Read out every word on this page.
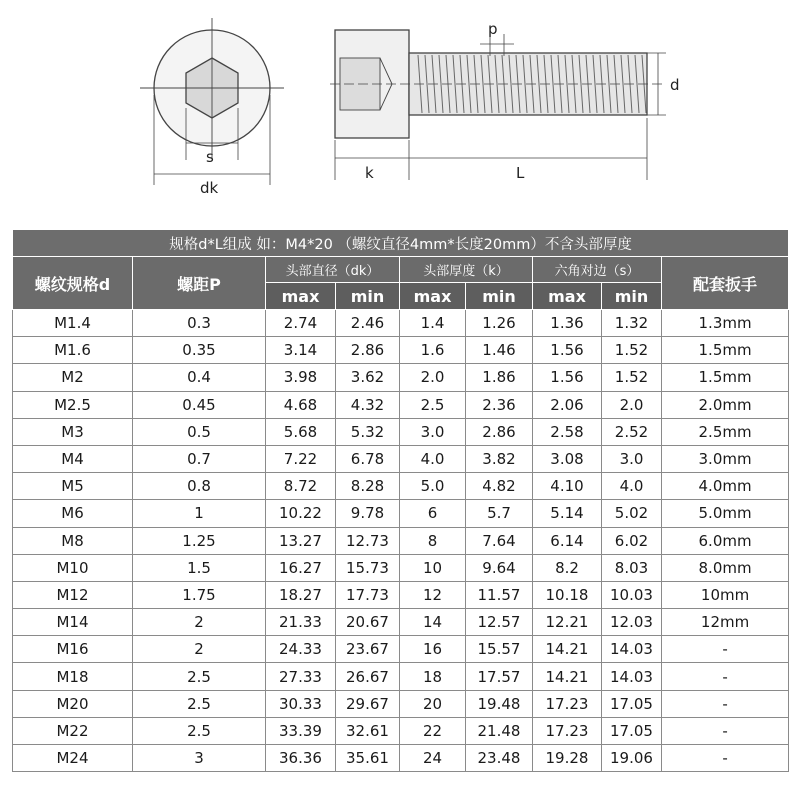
s
dk
p
d
k	L
规格d*L组成 如：M4*20 （螺纹直径4mm*长度20mm）不含头部厚度								
螺纹规格d	螺距P	头部直径（dk）		头部厚度（k）		六角对边（s）		配套扳手
		max	min	max	min	max	min	
M1.4	0.3	2.74	2.46	1.4	1.26	1.36	1.32	1.3mm
M1.6	0.35	3.14	2.86	1.6	1.46	1.56	1.52	1.5mm
M2	0.4	3.98	3.62	2.0	1.86	1.56	1.52	1.5mm
M2.5	0.45	4.68	4.32	2.5	2.36	2.06	2.0	2.0mm
M3	0.5	5.68	5.32	3.0	2.86	2.58	2.52	2.5mm
M4	0.7	7.22	6.78	4.0	3.82	3.08	3.0	3.0mm
M5	0.8	8.72	8.28	5.0	4.82	4.10	4.0	4.0mm
M6	1	10.22	9.78	6	5.7	5.14	5.02	5.0mm
M8	1.25	13.27	12.73	8	7.64	6.14	6.02	6.0mm
M10	1.5	16.27	15.73	10	9.64	8.2	8.03	8.0mm
M12	1.75	18.27	17.73	12	11.57	10.18	10.03	10mm
M14	2	21.33	20.67	14	12.57	12.21	12.03	12mm
M16	2	24.33	23.67	16	15.57	14.21	14.03	-
M18	2.5	27.33	26.67	18	17.57	14.21	14.03	-
M20	2.5	30.33	29.67	20	19.48	17.23	17.05	-
M22	2.5	33.39	32.61	22	21.48	17.23	17.05	-
M24	3	36.36	35.61	24	23.48	19.28	19.06	-
